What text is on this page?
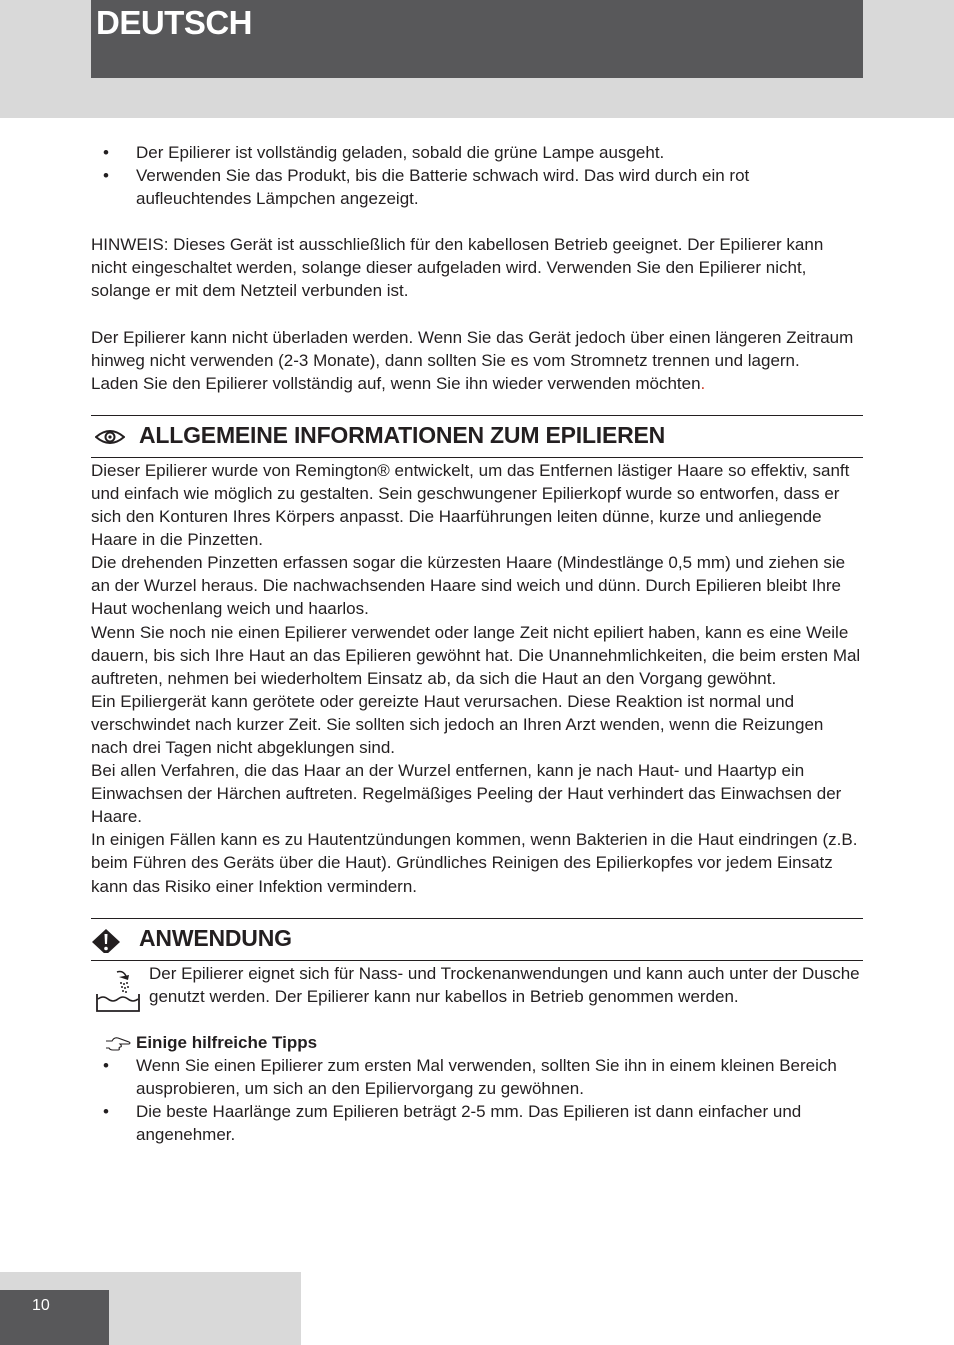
DEUTSCH
• Der Epilierer ist vollständig geladen, sobald die grüne Lampe ausgeht.
• Verwenden Sie das Produkt, bis die Batterie schwach wird. Das wird durch ein rot aufleuchtendes Lämpchen angezeigt.

HINWEIS: Dieses Gerät ist ausschließlich für den kabellosen Betrieb geeignet. Der Epilierer kann nicht eingeschaltet werden, solange dieser aufgeladen wird. Verwenden Sie den Epilierer nicht, solange er mit dem Netzteil verbunden ist.

Der Epilierer kann nicht überladen werden. Wenn Sie das Gerät jedoch über einen längeren Zeitraum hinweg nicht verwenden (2-3 Monate), dann sollten Sie es vom Stromnetz trennen und lagern.

Laden Sie den Epilierer vollständig auf, wenn Sie ihn wieder verwenden möchten.

ALLGEMEINE INFORMATIONEN ZUM EPILIEREN

Dieser Epilierer wurde von Remington® entwickelt, um das Entfernen lästiger Haare so effektiv, sanft und einfach wie möglich zu gestalten. Sein geschwungener Epilierkopf wurde so entworfen, dass er sich den Konturen Ihres Körpers anpasst. Die Haarführungen leiten dünne, kurze und anliegende Haare in die Pinzetten.

Die drehenden Pinzetten erfassen sogar die kürzesten Haare (Mindestlänge 0,5 mm) und ziehen sie an der Wurzel heraus. Die nachwachsenden Haare sind weich und dünn. Durch Epilieren bleibt Ihre Haut wochenlang weich und haarlos.

Wenn Sie noch nie einen Epilierer verwendet oder lange Zeit nicht epiliert haben, kann es eine Weile dauern, bis sich Ihre Haut an das Epilieren gewöhnt hat. Die Unannehmlichkeiten, die beim ersten Mal auftreten, nehmen bei wiederholtem Einsatz ab, da sich die Haut an den Vorgang gewöhnt.

Ein Epiliergerät kann gerötete oder gereizte Haut verursachen. Diese Reaktion ist normal und verschwindet nach kurzer Zeit. Sie sollten sich jedoch an Ihren Arzt wenden, wenn die Reizungen nach drei Tagen nicht abgeklungen sind.

Bei allen Verfahren, die das Haar an der Wurzel entfernen, kann je nach Haut- und Haartyp ein Einwachsen der Härchen auftreten. Regelmäßiges Peeling der Haut verhindert das Einwachsen der Haare.

In einigen Fällen kann es zu Hautentzündungen kommen, wenn Bakterien in die Haut eindringen (z.B. beim Führen des Geräts über die Haut). Gründliches Reinigen des Epilierkopfes vor jedem Einsatz kann das Risiko einer Infektion vermindern.

ANWENDUNG

Der Epilierer eignet sich für Nass- und Trockenanwendungen und kann auch unter der Dusche genutzt werden. Der Epilierer kann nur kabellos in Betrieb genommen werden.

Einige hilfreiche Tipps
• Wenn Sie einen Epilierer zum ersten Mal verwenden, sollten Sie ihn in einem kleinen Bereich ausprobieren, um sich an den Epiliervorgang zu gewöhnen.
• Die beste Haarlänge zum Epilieren beträgt 2-5 mm. Das Epilieren ist dann einfacher und angenehmer.
10
